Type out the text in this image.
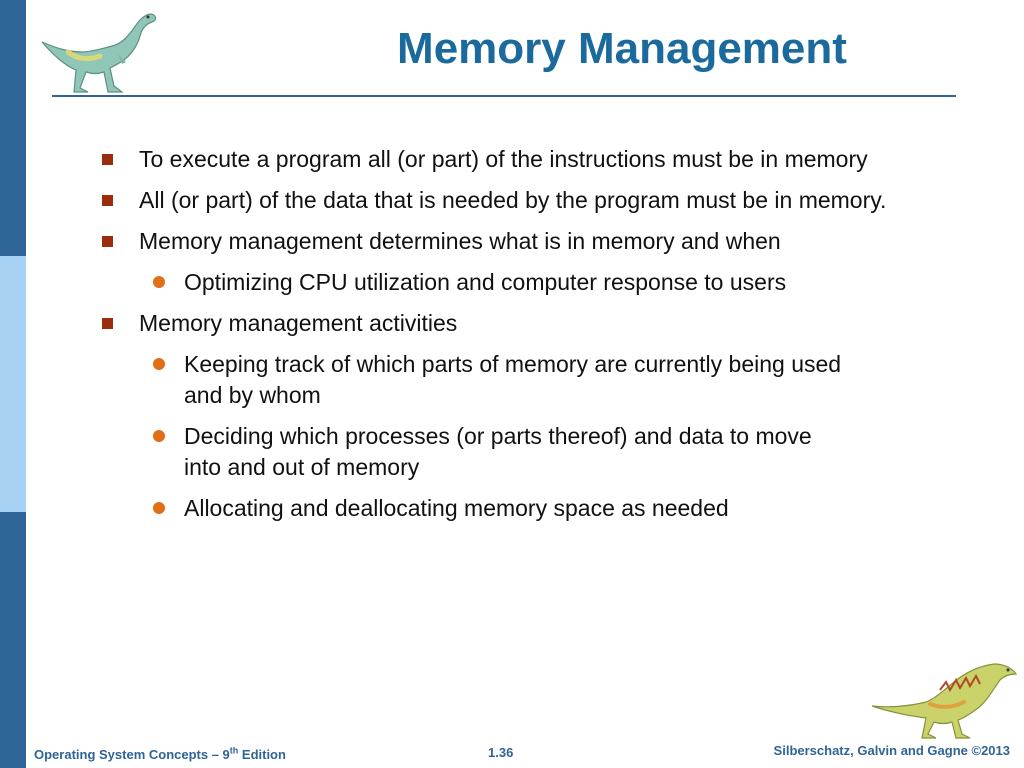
Memory Management
To execute a program all (or part) of the instructions must be in memory
All (or part) of the data that is needed by the program must be in memory.
Memory management determines what is in memory and when
Optimizing CPU utilization and computer response to users
Memory management activities
Keeping track of which parts of memory are currently being used and by whom
Deciding which processes (or parts thereof) and data to move into and out of memory
Allocating and deallocating memory space as needed
Operating System Concepts – 9th Edition	1.36	Silberschatz, Galvin and Gagne ©2013
